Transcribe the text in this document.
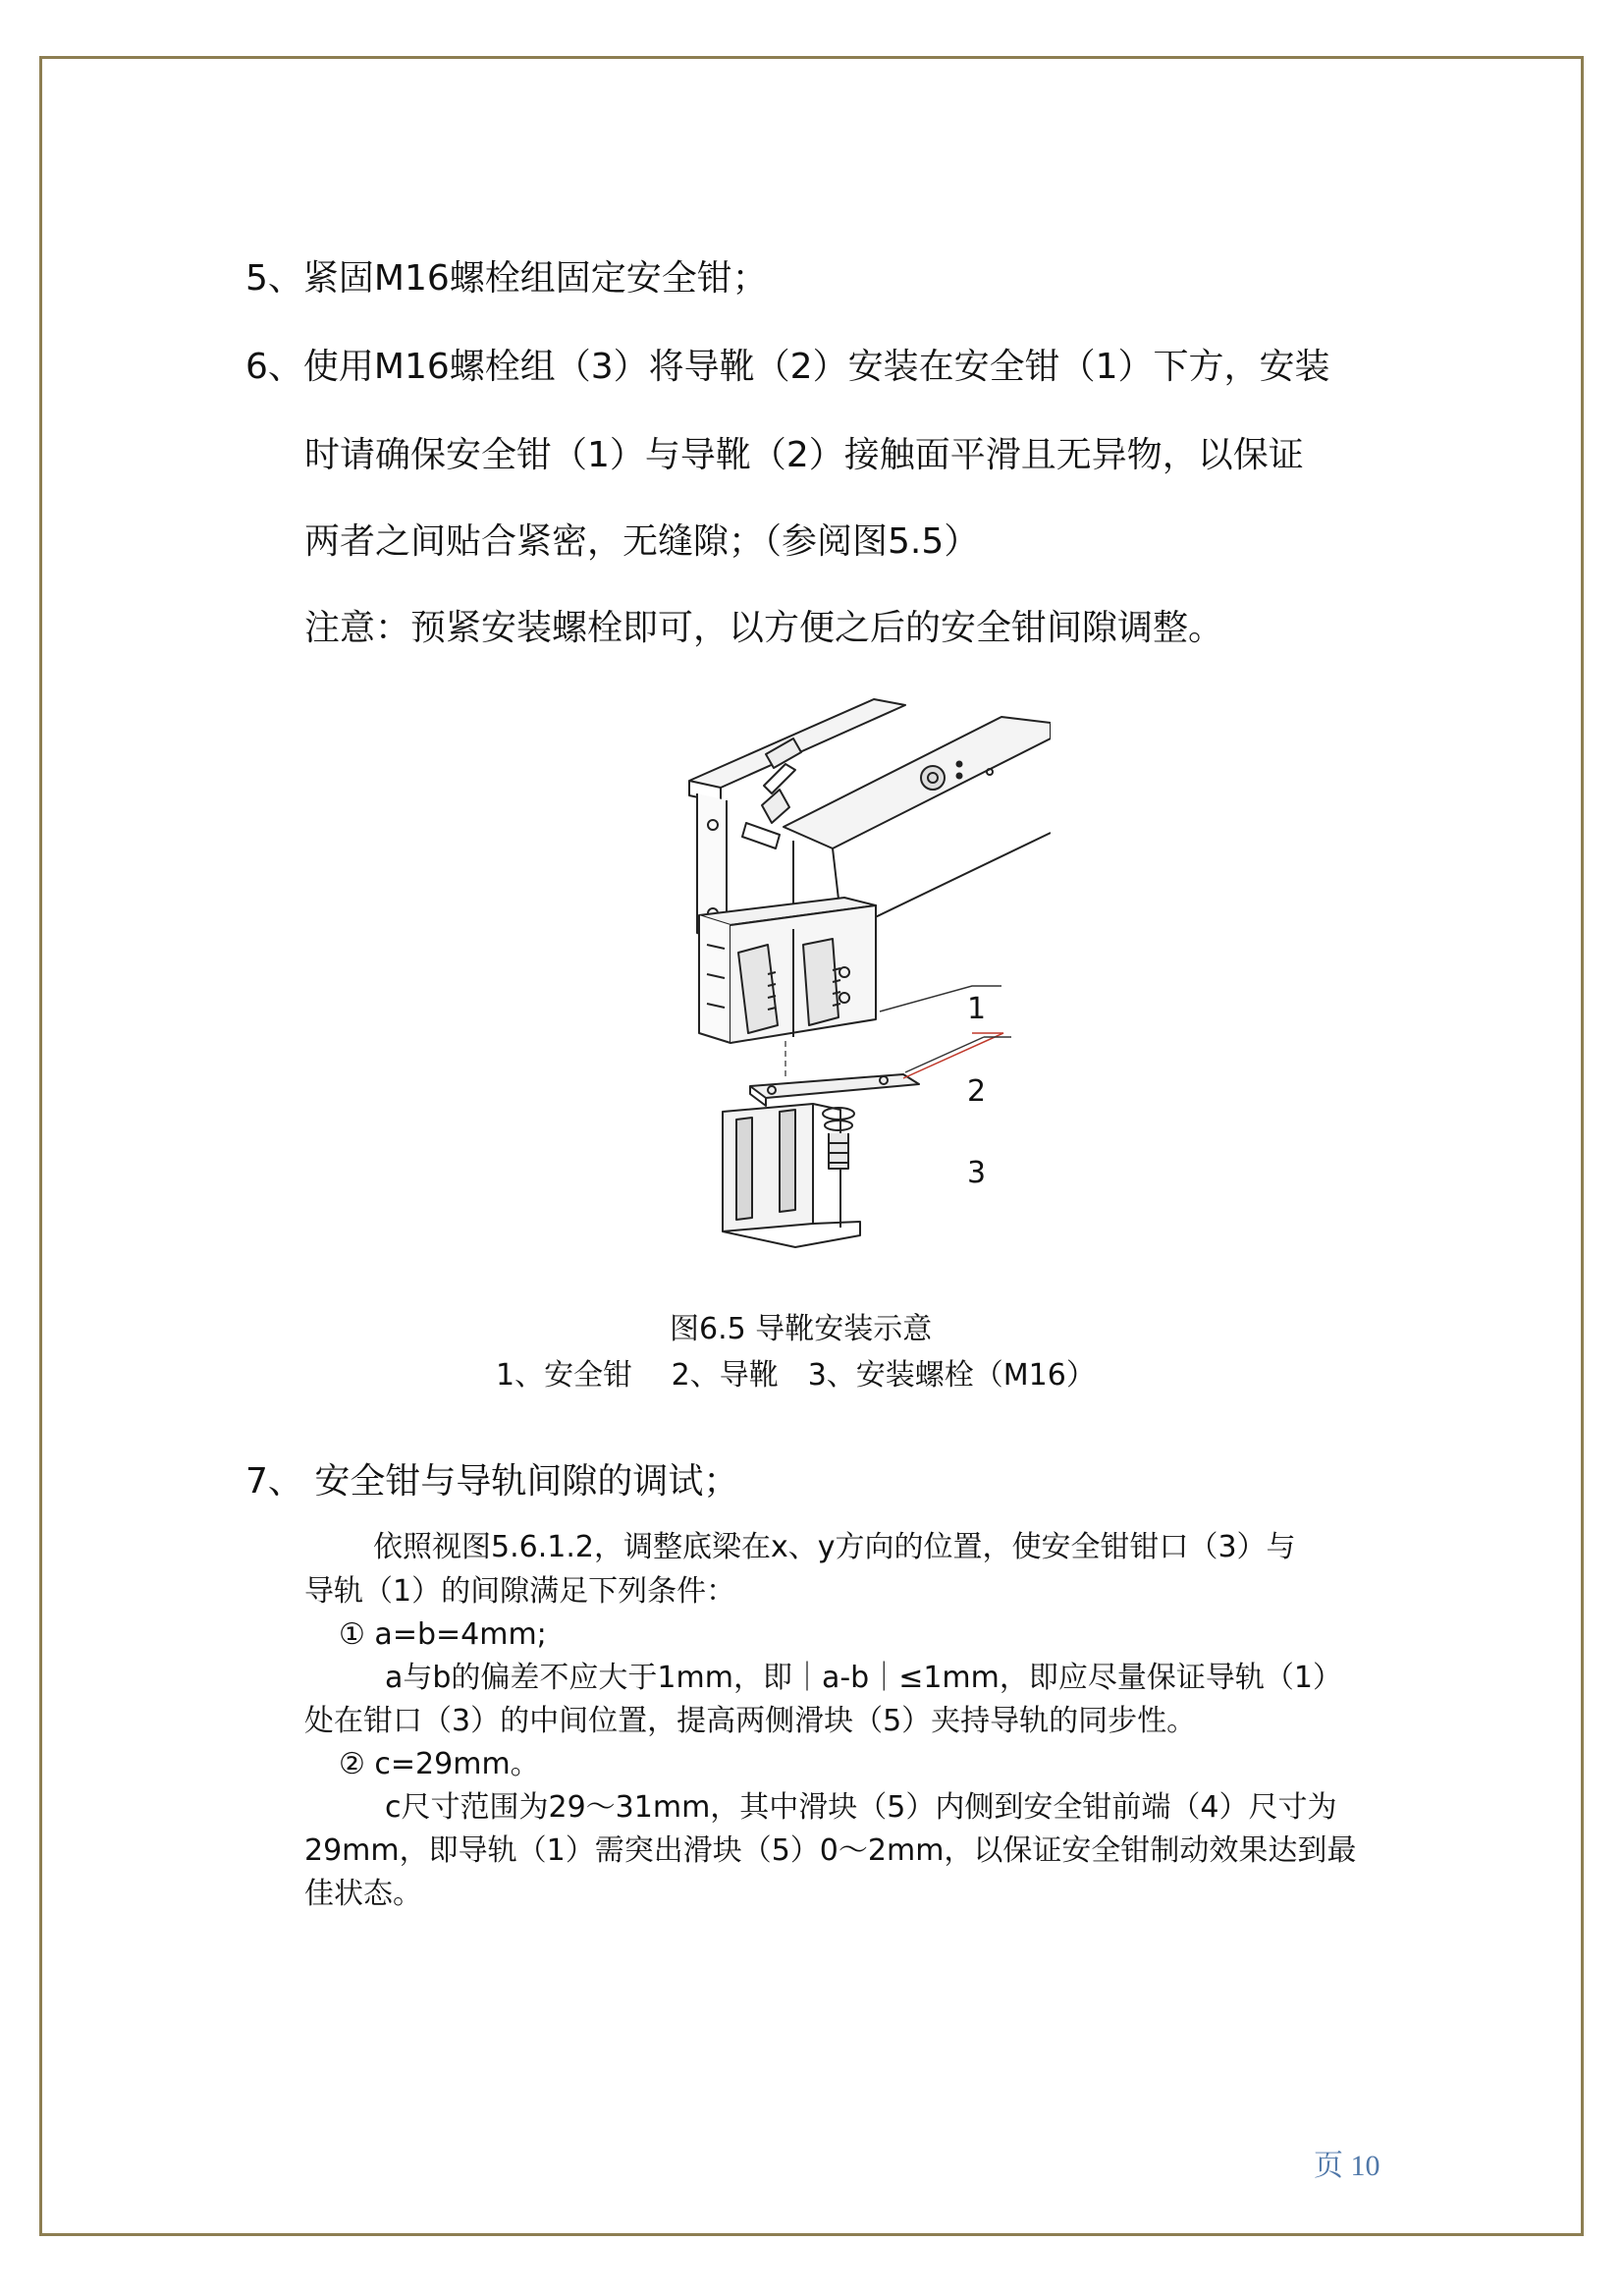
5、紧固M16螺栓组固定安全钳；
6、使用M16螺栓组（3）将导靴（2）安装在安全钳（1）下方，安装
时请确保安全钳（1）与导靴（2）接触面平滑且无异物，以保证
两者之间贴合紧密，无缝隙；（参阅图5.5）
注意：预紧安装螺栓即可，以方便之后的安全钳间隙调整。
1
2
3
图6.5 导靴安装示意
1、安全钳　 2、导靴　3、安装螺栓（M16）
7、 安全钳与导轨间隙的调试；
依照视图5.6.1.2，调整底梁在x、y方向的位置，使安全钳钳口（3）与
导轨（1）的间隙满足下列条件：
① a=b=4mm;
a与b的偏差不应大于1mm，即｜a-b｜≤1mm，即应尽量保证导轨（1）
处在钳口（3）的中间位置，提高两侧滑块（5）夹持导轨的同步性。
② c=29mm。
c尺寸范围为29～31mm，其中滑块（5）内侧到安全钳前端（4）尺寸为
29mm，即导轨（1）需突出滑块（5）0～2mm，以保证安全钳制动效果达到最
佳状态。
页 10
